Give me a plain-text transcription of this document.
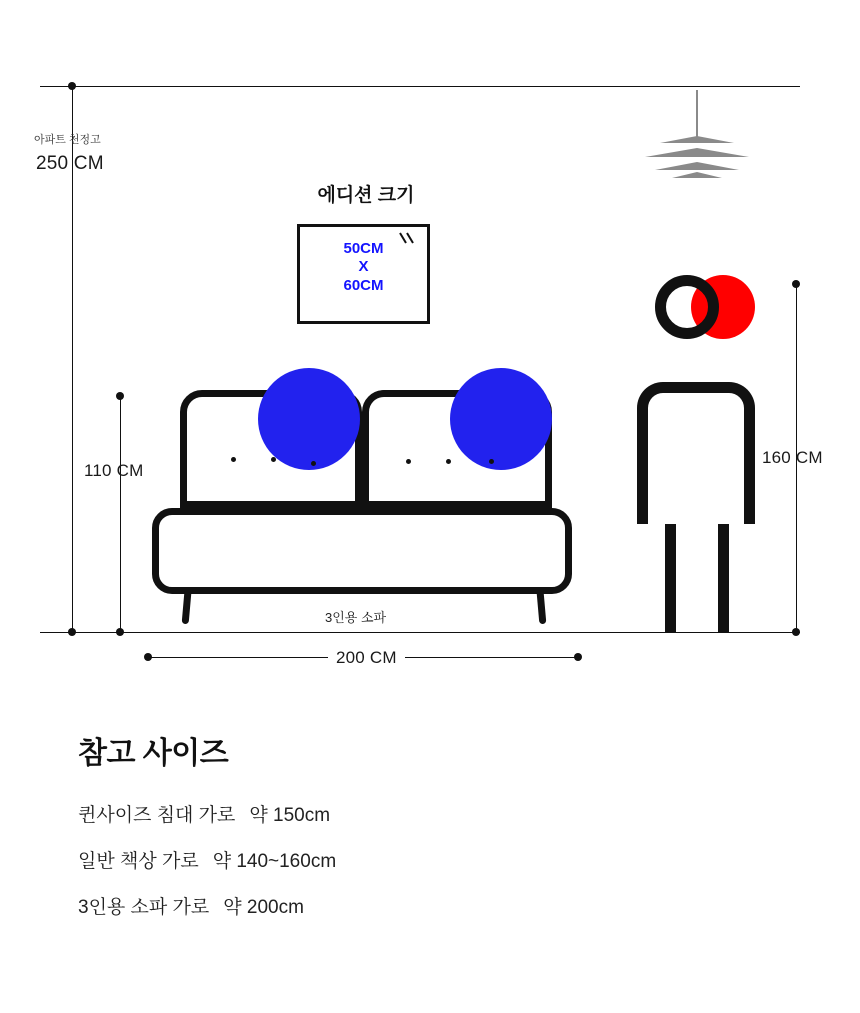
아파트 천정고
250 CM
110 CM
160 CM
200 CM
에디션 크기
50CM
X
60CM
3인용 소파
참고 사이즈
퀸사이즈 침대 가로 약 150cm
일반 책상 가로 약 140~160cm
3인용 소파 가로 약 200cm
